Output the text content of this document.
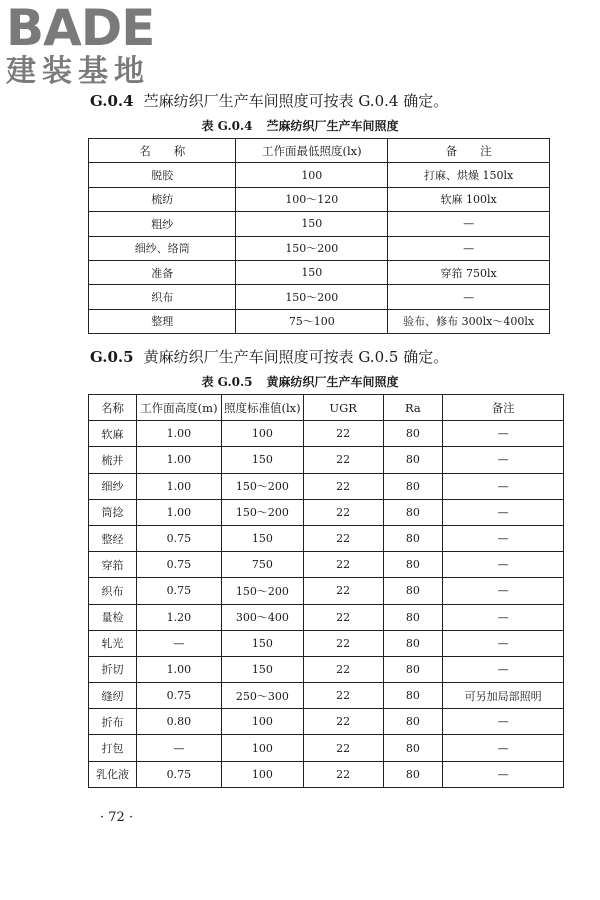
BADE
建装基地
G.0.4 苎麻纺织厂生产车间照度可按表 G.0.4 确定。
表 G.0.4 苎麻纺织厂生产车间照度
名　　称	工作面最低照度(lx)	备　　注
脱胶	100	打麻、烘燥 150lx
梳纺	100～120	软麻 100lx
粗纱	150	—
细纱、络筒	150～200	—
准备	150	穿筘 750lx
织布	150～200	—
整理	75～100	验布、修布 300lx～400lx
G.0.5 黄麻纺织厂生产车间照度可按表 G.0.5 确定。
表 G.0.5 黄麻纺织厂生产车间照度
名称	工作面高度(m)	照度标准值(lx)	UGR	Ra	备注
软麻	1.00	100	22	80	—
梳并	1.00	150	22	80	—
细纱	1.00	150～200	22	80	—
筒捻	1.00	150～200	22	80	—
整经	0.75	150	22	80	—
穿筘	0.75	750	22	80	—
织布	0.75	150～200	22	80	—
量检	1.20	300～400	22	80	—
轧光	—	150	22	80	—
折切	1.00	150	22	80	—
缝纫	0.75	250～300	22	80	可另加局部照明
折布	0.80	100	22	80	—
打包	—	100	22	80	—
乳化液	0.75	100	22	80	—
· 72 ·
